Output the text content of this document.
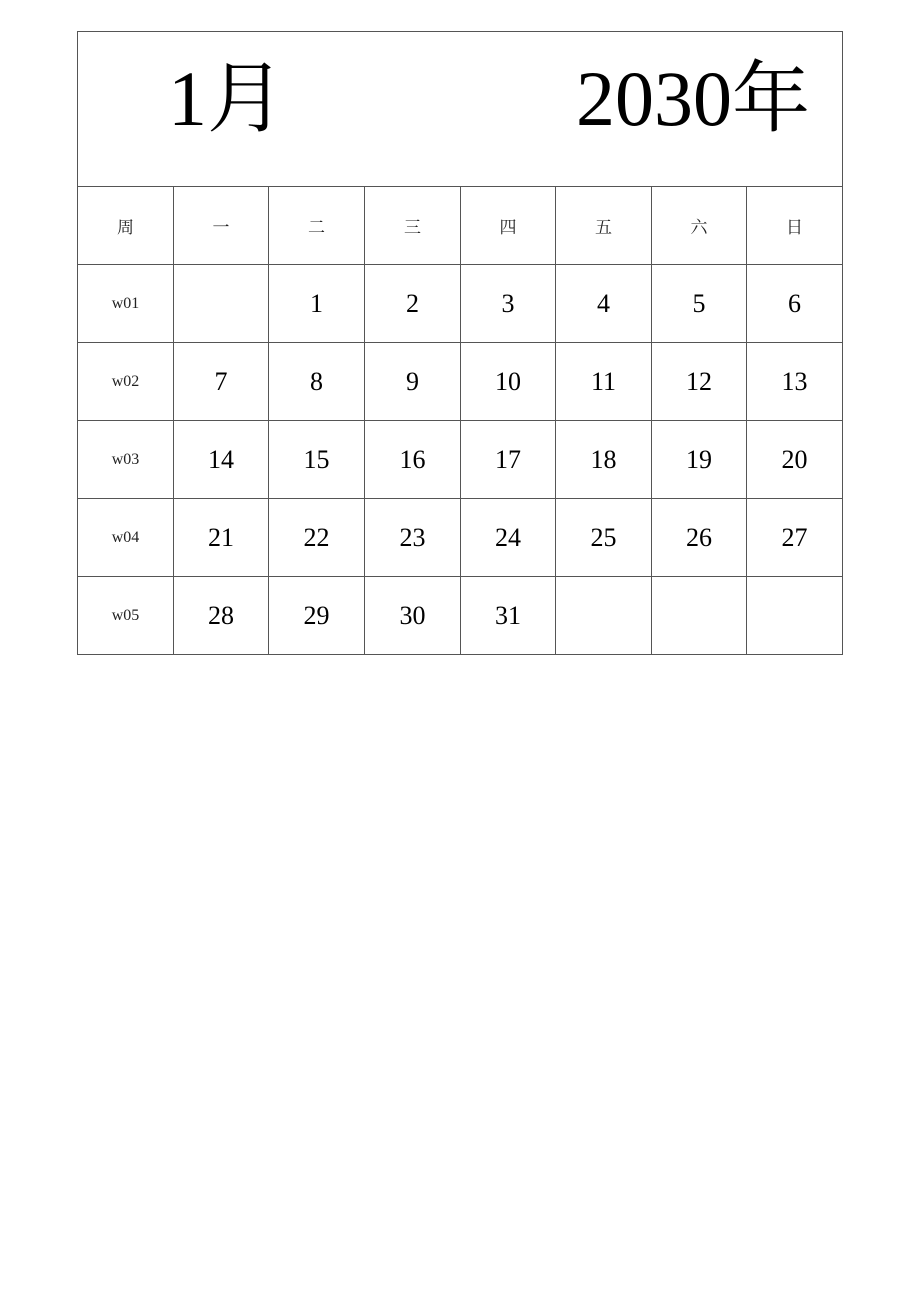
1月 2030年							

周	一	二	三	四	五	六	日
w01		1	2	3	4	5	6
w02	7	8	9	10	11	12	13
w03	14	15	16	17	18	19	20
w04	21	22	23	24	25	26	27
w05	28	29	30	31			
